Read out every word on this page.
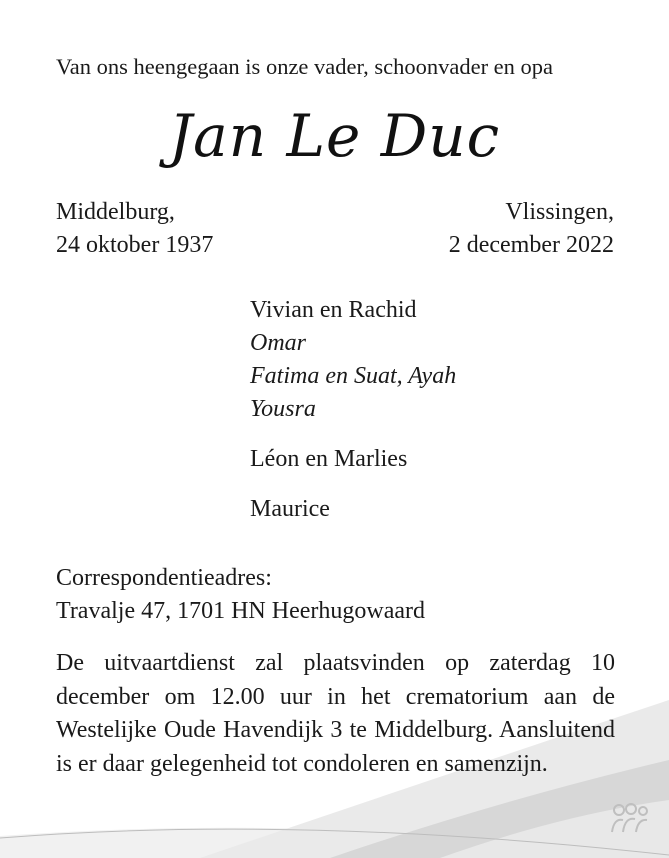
Van ons heengegaan is onze vader, schoonvader en opa
Jan Le Duc
Middelburg,
24 oktober 1937
Vlissingen,
2 december 2022
Vivian en Rachid
Omar
Fatima en Suat, Ayah
Yousra
Léon en Marlies
Maurice
Correspondentieadres:
Travalje 47, 1701 HN Heerhugowaard
De uitvaartdienst zal plaatsvinden op zaterdag 10 december om 12.00 uur in het crematorium aan de Westelijke Oude Havendijk 3 te Middelburg. Aansluitend is er daar gelegenheid tot condoleren en samenzijn.
